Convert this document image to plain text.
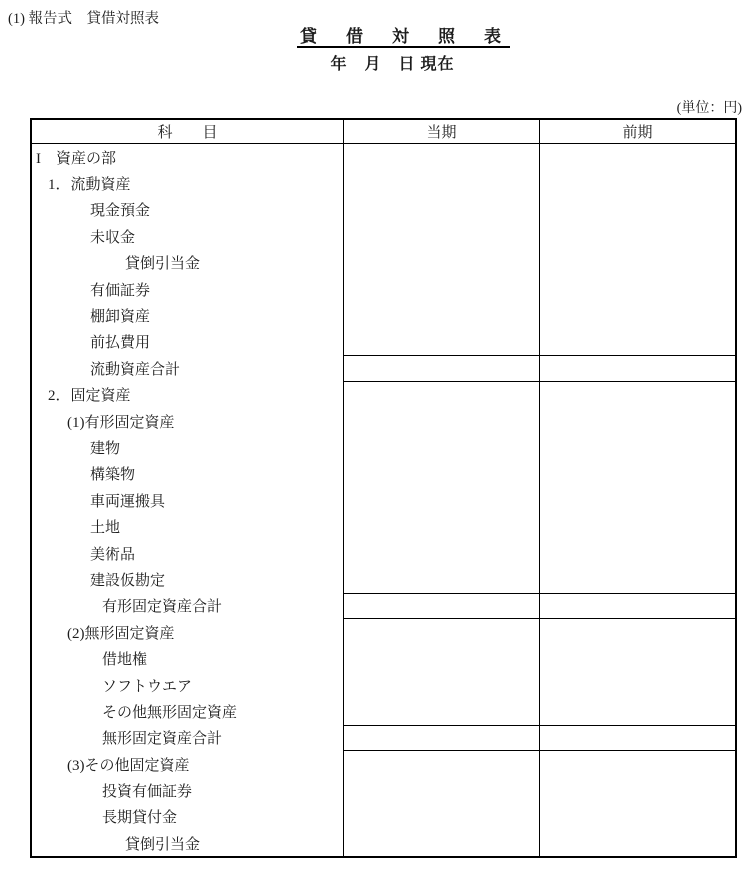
(1) 報告式　貸借対照表
貸　借　対　照　表
年　月　日 現在
(単位：円)
科　　目	当期	前期
I　資産の部
1．流動資産
現金預金
未収金
貸倒引当金
有価証券
棚卸資産
前払費用
流動資産合計
2．固定資産
(1)有形固定資産
建物
構築物
車両運搬具
土地
美術品
建設仮勘定
有形固定資産合計
(2)無形固定資産
借地権
ソフトウエア
その他無形固定資産
無形固定資産合計
(3)その他固定資産
投資有価証券
長期貸付金
貸倒引当金
